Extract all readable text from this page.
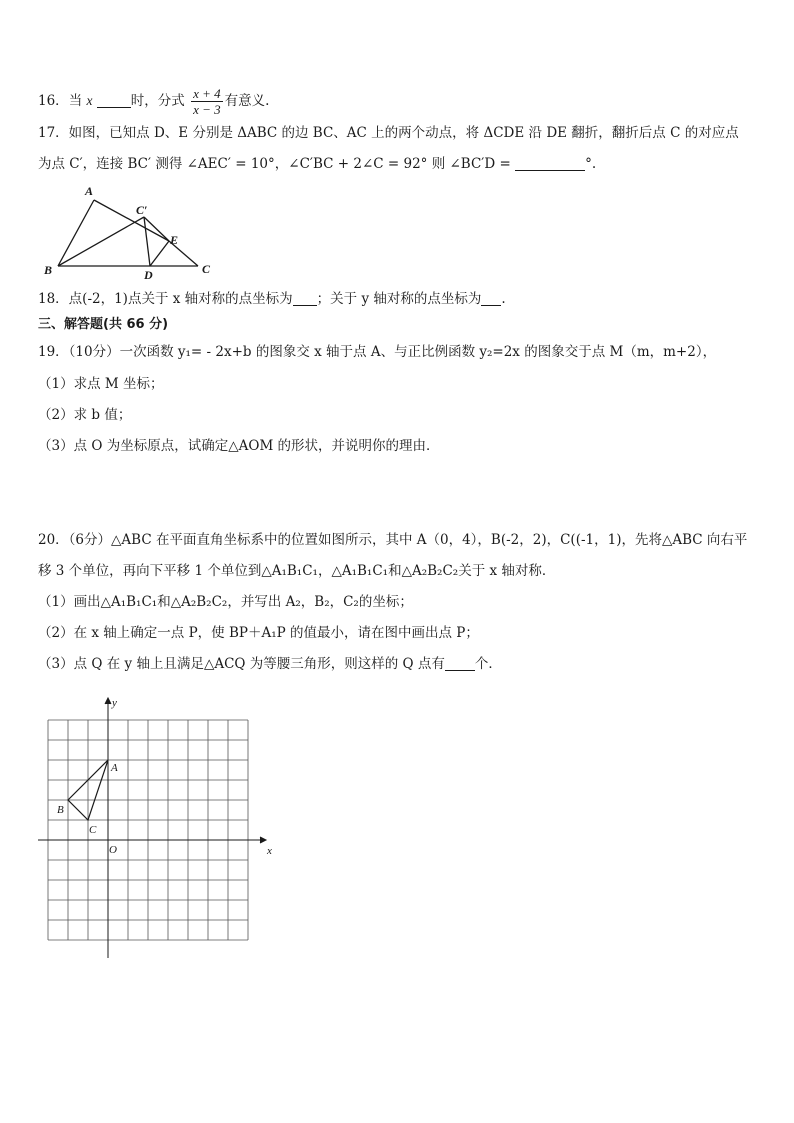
16．当 x	时，分式 $\frac{x + 4}{x - 3}$ 有意义.
17．如图，已知点 D、E 分别是 ΔABC 的边 BC、AC 上的两个动点，将 ΔCDE 沿 DE 翻折，翻折后点 C 的对应点
为点 C′，连接 BC′ 测得 ∠AEC′ = 10°，∠C′BC + 2∠C = 92° 则 ∠BC′D =	°.
A
B	C
C′
D
E
18．点(-2，1)点关于 x 轴对称的点坐标为 ；关于 y 轴对称的点坐标为 .
三、解答题(共 66 分)
19．（10分）一次函数 y₁= - 2x+b 的图象交 x 轴于点 A、与正比例函数 y₂=2x 的图象交于点 M（m，m+2），
（1）求点 M 坐标；
（2）求 b 值；
（3）点 O 为坐标原点，试确定△AOM 的形状，并说明你的理由．
20．（6分）△ABC 在平面直角坐标系中的位置如图所示，其中 A（0，4），B(-2，2)，C((-1，1)，先将△ABC 向右平
移 3 个单位，再向下平移 1 个单位到△A₁B₁C₁，△A₁B₁C₁和△A₂B₂C₂关于 x 轴对称．
（1）画出△A₁B₁C₁和△A₂B₂C₂，并写出 A₂，B₂，C₂的坐标；
（2）在 x 轴上确定一点 P，使 BP＋A₁P 的值最小，请在图中画出点 P；
（3）点 Q 在 y 轴上且满足△ACQ 为等腰三角形，则这样的 Q 点有 个．
y
x
O
A
B
C
